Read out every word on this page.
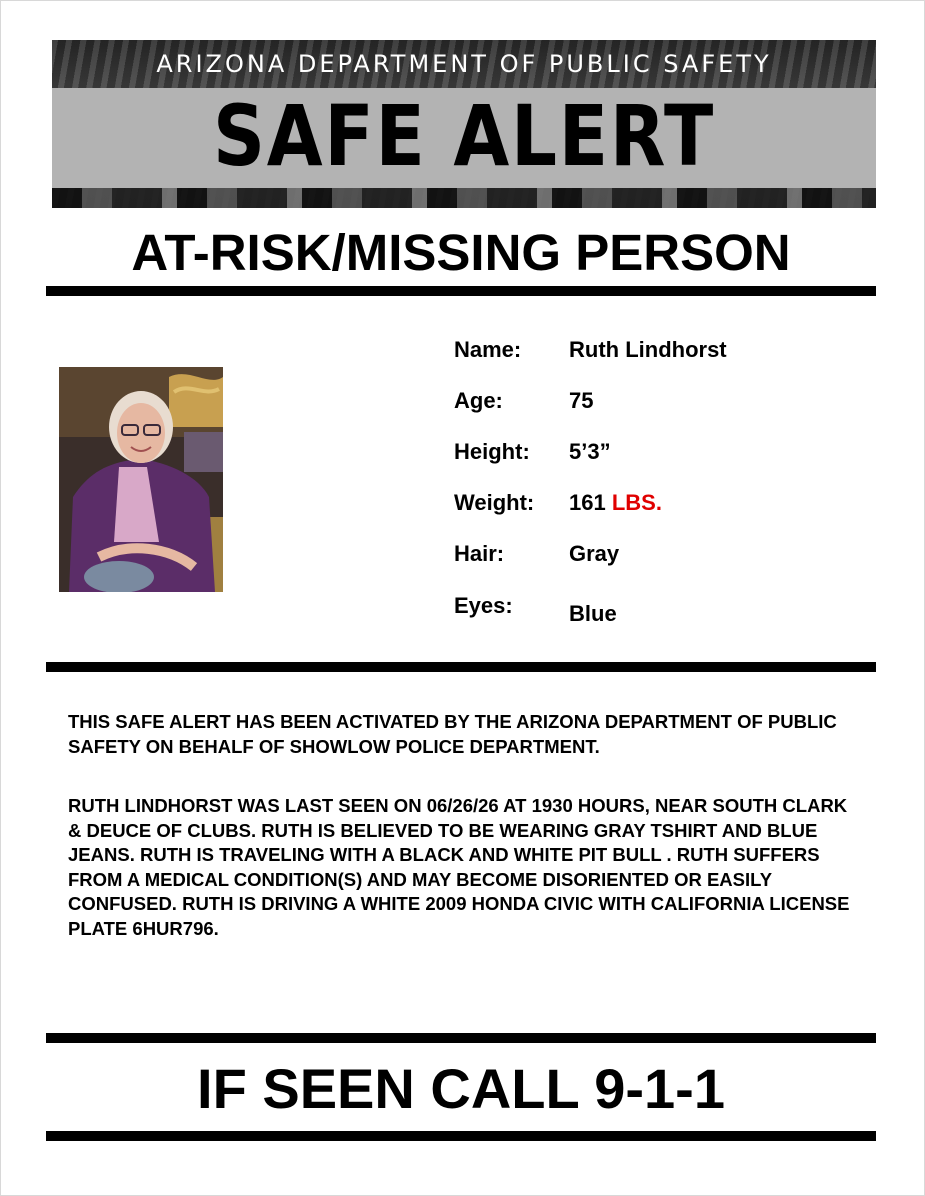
ARIZONA DEPARTMENT OF PUBLIC SAFETY
SAFE ALERT
AT-RISK/MISSING PERSON
Name: Ruth Lindhorst
Age:	75
Height: 5’3”
Weight: 161 LBS.
Hair:	Gray
Eyes:	Blue
THIS SAFE ALERT HAS BEEN ACTIVATED BY THE ARIZONA DEPARTMENT OF PUBLIC SAFETY ON BEHALF OF SHOWLOW POLICE DEPARTMENT.
RUTH LINDHORST WAS LAST SEEN ON 06/26/26 AT 1930 HOURS, NEAR SOUTH CLARK & DEUCE OF CLUBS. RUTH IS BELIEVED TO BE WEARING GRAY TSHIRT AND BLUE JEANS. RUTH IS TRAVELING WITH A BLACK AND WHITE PIT BULL . RUTH SUFFERS FROM A MEDICAL CONDITION(S) AND MAY BECOME DISORIENTED OR EASILY CONFUSED. RUTH IS DRIVING A WHITE 2009 HONDA CIVIC WITH CALIFORNIA LICENSE PLATE 6HUR796.
IF SEEN CALL 9-1-1
